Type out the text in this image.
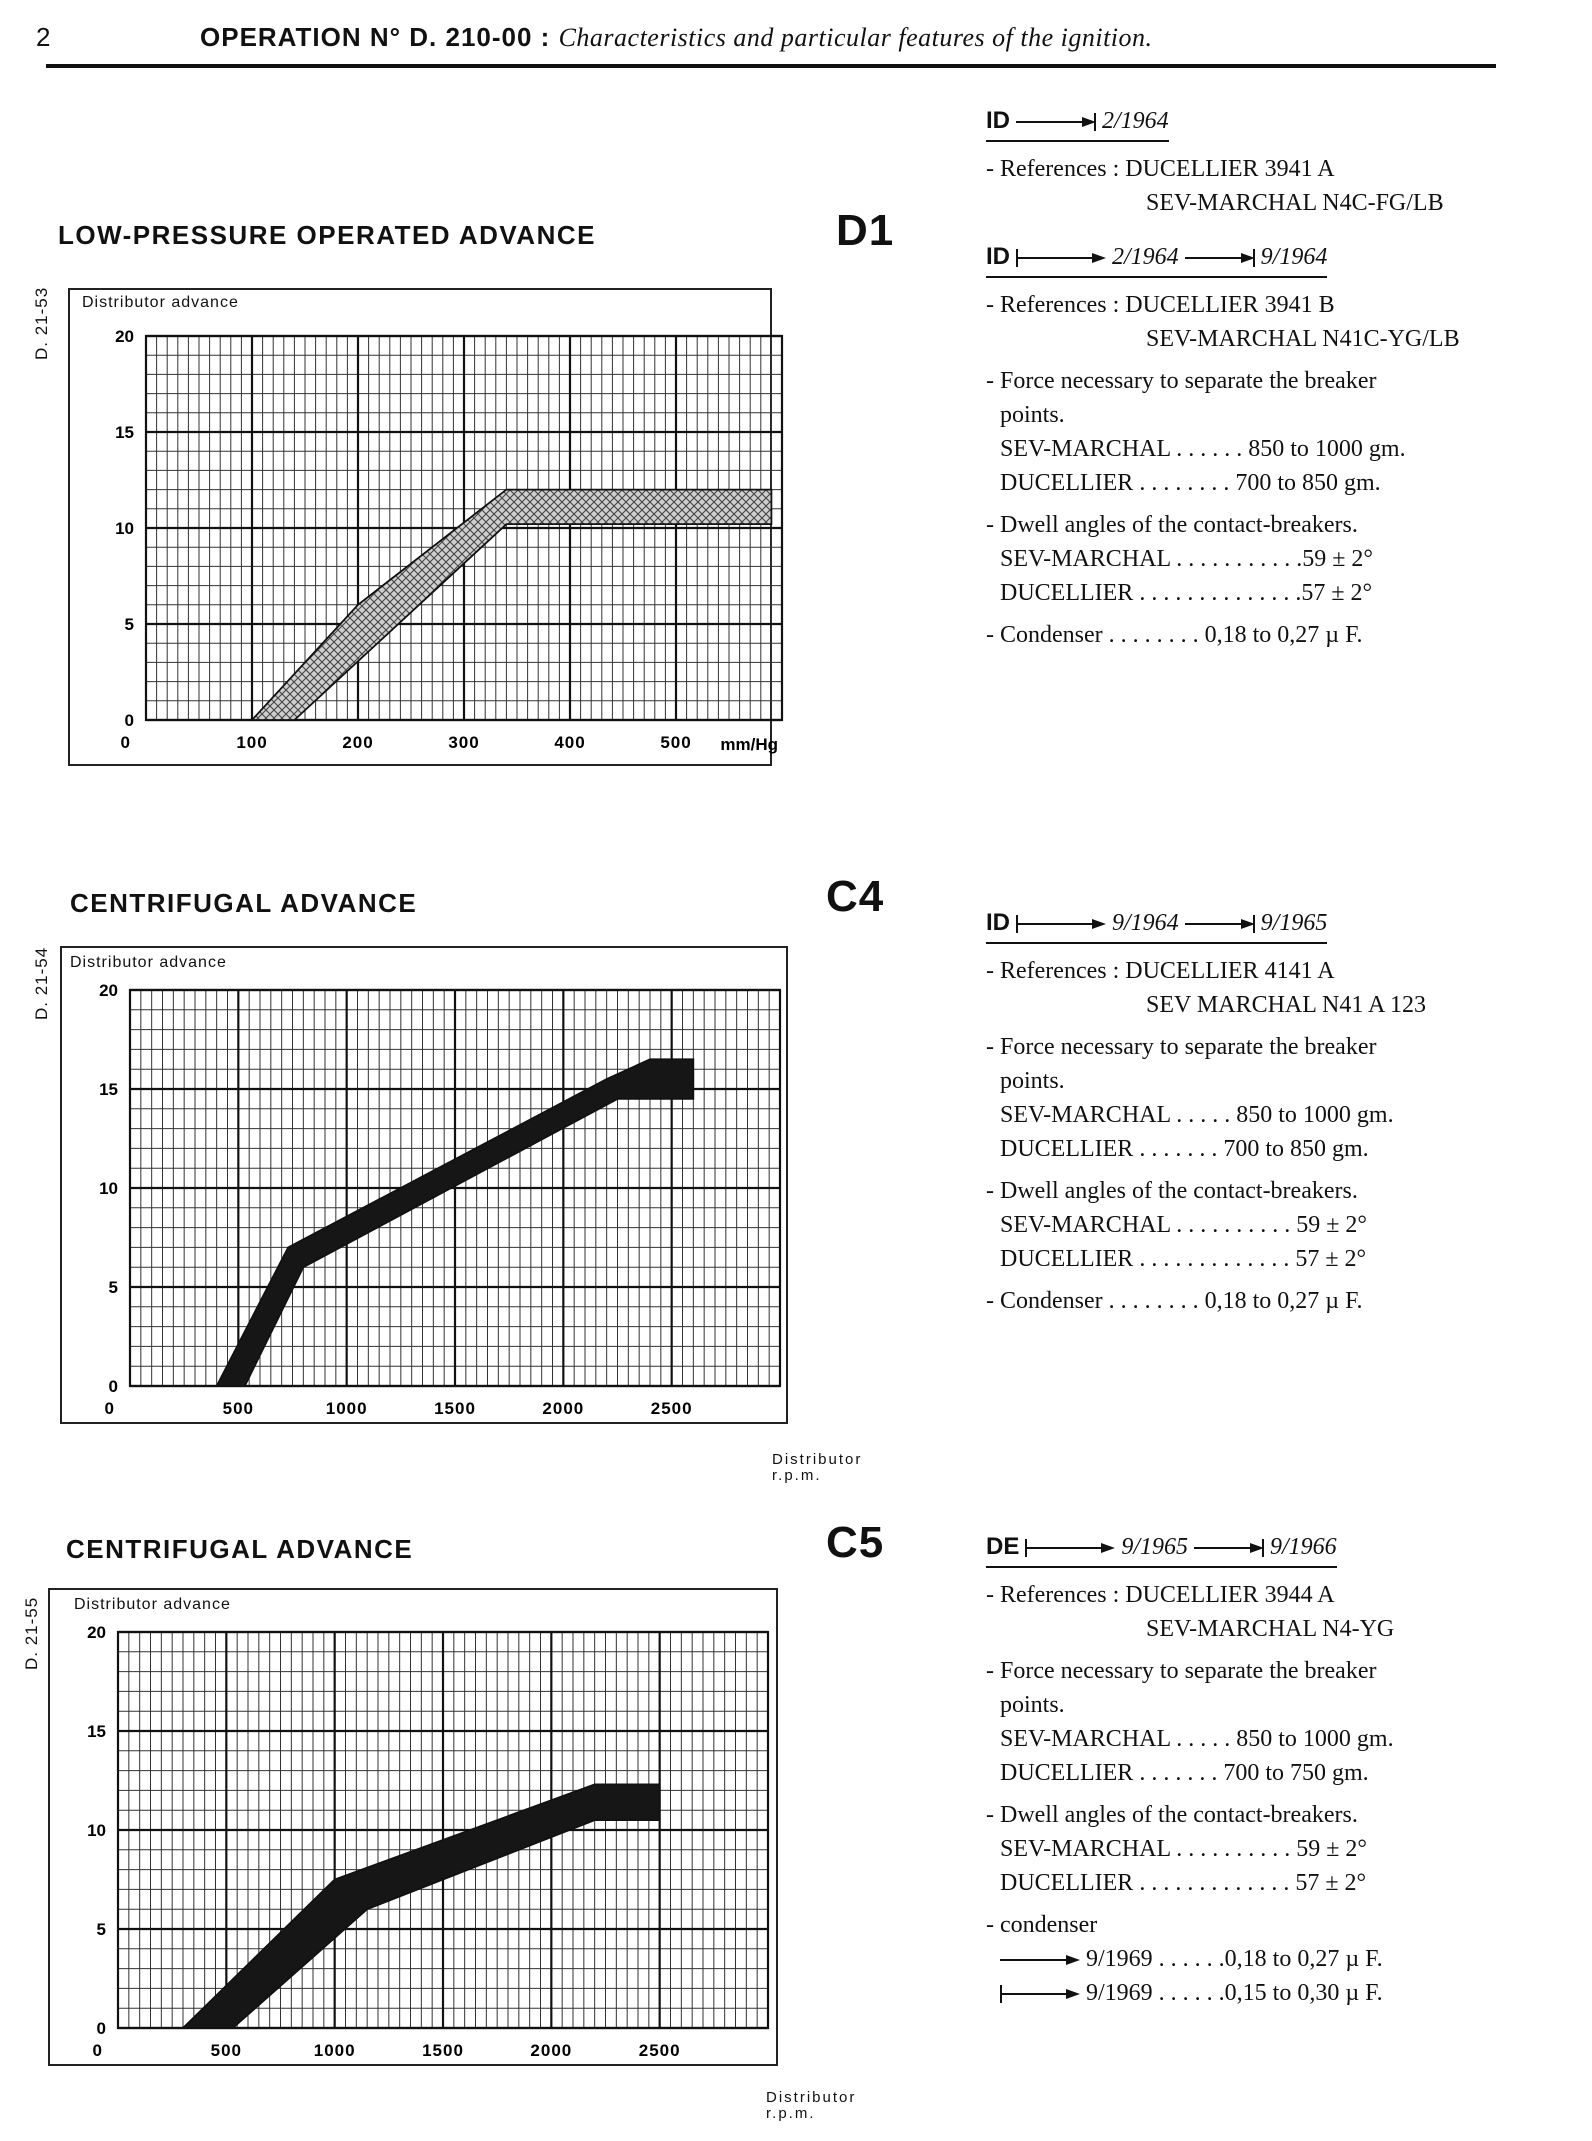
2	OPERATION N° D. 210-00 : Characteristics and particular features of the ignition.
LOW-PRESSURE OPERATED ADVANCE	D1
D. 21-53 Distributor advance
0
5
10
15
20
0	100	200	300	400	500 mm/Hg
CENTRIFUGAL ADVANCE	C4
D. 21-54 Distributor advance
0
5
10
15
20
0	500	1000	1500	2000	2500
Distributor r.p.m.
CENTRIFUGAL ADVANCE	C5
D. 21-55 Distributor advance
0
5
10
15
20
0	500	1000	1500	2000	2500
Distributor r.p.m.
ID	2/1964
- References : DUCELLIER 3941 A
SEV-MARCHAL N4C-FG/LB
ID	2/1964	9/1964
- References : DUCELLIER 3941 B
SEV-MARCHAL N41C-YG/LB
- Force necessary to separate the breaker
points.
SEV-MARCHAL . . . . . . 850 to 1000 gm.
DUCELLIER . . . . . . . . 700 to 850 gm.
- Dwell angles of the contact-breakers.
SEV-MARCHAL . . . . . . . . . . .59 ± 2°
DUCELLIER . . . . . . . . . . . . . .57 ± 2°
- Condenser . . . . . . . . 0,18 to 0,27 µ F.
ID	9/1964	9/1965
- References : DUCELLIER 4141 A
SEV MARCHAL N41 A 123
- Force necessary to separate the breaker
points.
SEV-MARCHAL . . . . . 850 to 1000 gm.
DUCELLIER . . . . . . . 700 to 850 gm.
- Dwell angles of the contact-breakers.
SEV-MARCHAL . . . . . . . . . . 59 ± 2°
DUCELLIER . . . . . . . . . . . . . 57 ± 2°
- Condenser . . . . . . . . 0,18 to 0,27 µ F.
DE	9/1965	9/1966
- References : DUCELLIER 3944 A
SEV-MARCHAL N4-YG
- Force necessary to separate the breaker
points.
SEV-MARCHAL . . . . . 850 to 1000 gm.
DUCELLIER . . . . . . . 700 to 750 gm.
- Dwell angles of the contact-breakers.
SEV-MARCHAL . . . . . . . . . . 59 ± 2°
DUCELLIER . . . . . . . . . . . . . 57 ± 2°
- condenser
9/1969 . . . . . .0,18 to 0,27 µ F.
9/1969 . . . . . .0,15 to 0,30 µ F.
